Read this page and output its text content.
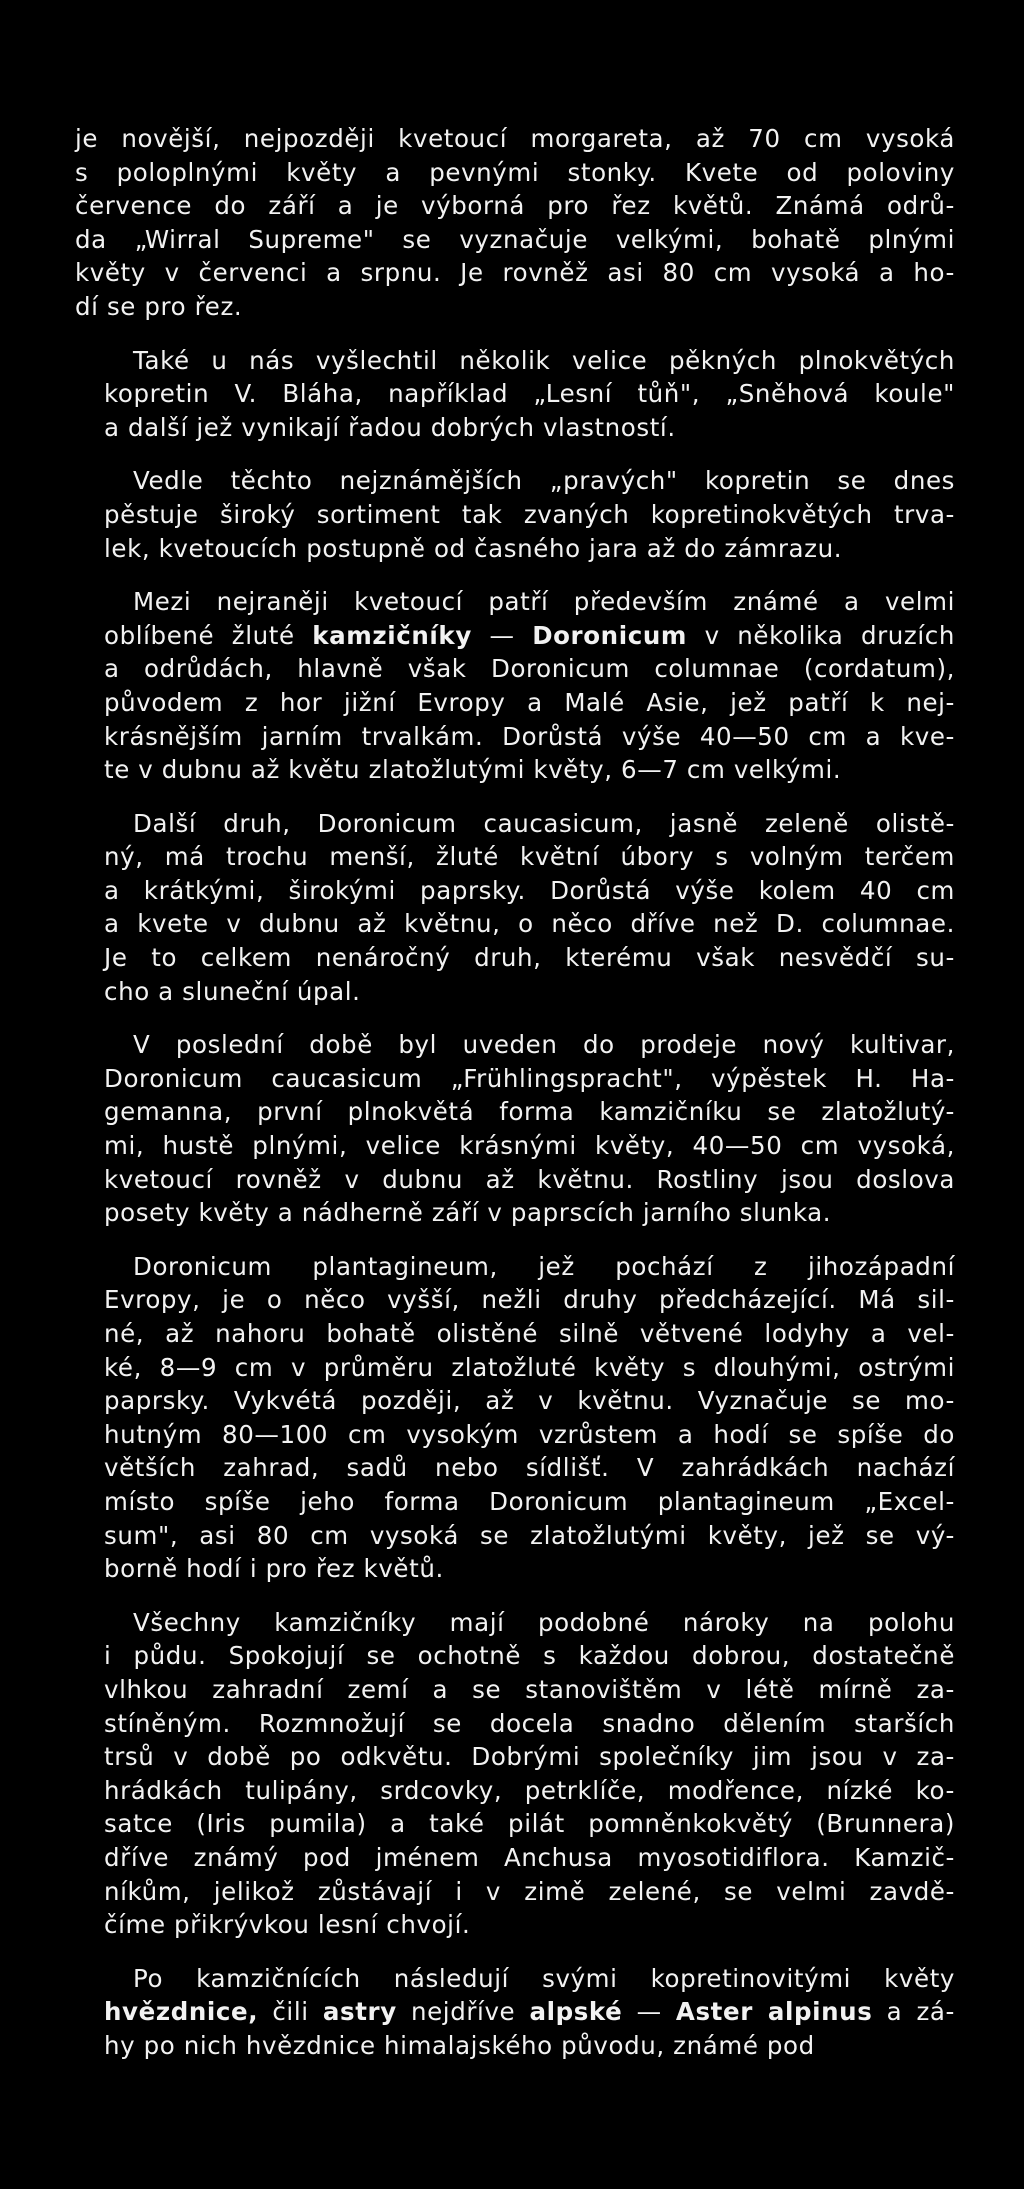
je novější, nejpozději kvetoucí morgareta, až 70 cm vysoká
s poloplnými květy a pevnými stonky. Kvete od poloviny
července do září a je výborná pro řez květů. Známá odrů-
da „Wirral Supreme" se vyznačuje velkými, bohatě plnými
květy v červenci a srpnu. Je rovněž asi 80 cm vysoká a ho-
dí se pro řez.

Také u nás vyšlechtil několik velice pěkných plnokvětých
kopretin V. Bláha, například „Lesní tůň", „Sněhová koule"
a další jež vynikají řadou dobrých vlastností.

Vedle těchto nejznámějších „pravých" kopretin se dnes
pěstuje široký sortiment tak zvaných kopretinokvětých trva-
lek, kvetoucích postupně od časného jara až do zámrazu.

Mezi nejraněji kvetoucí patří především známé a velmi
oblíbené žluté kamzičníky — Doronicum v několika druzích
a odrůdách, hlavně však Doronicum columnae (cordatum),
původem z hor jižní Evropy a Malé Asie, jež patří k nej-
krásnějším jarním trvalkám. Dorůstá výše 40—50 cm a kve-
te v dubnu až květu zlatožlutými květy, 6—7 cm velkými.

Další druh, Doronicum caucasicum, jasně zeleně olistě-
ný, má trochu menší, žluté květní úbory s volným terčem
a krátkými, širokými paprsky. Dorůstá výše kolem 40 cm
a kvete v dubnu až květnu, o něco dříve než D. columnae.
Je to celkem nenáročný druh, kterému však nesvědčí su-
cho a sluneční úpal.

V poslední době byl uveden do prodeje nový kultivar,
Doronicum caucasicum „Frühlingspracht", výpěstek H. Ha-
gemanna, první plnokvětá forma kamzičníku se zlatožlutý-
mi, hustě plnými, velice krásnými květy, 40—50 cm vysoká,
kvetoucí rovněž v dubnu až květnu. Rostliny jsou doslova
posety květy a nádherně září v paprscích jarního slunka.

Doronicum plantagineum, jež pochází z jihozápadní
Evropy, je o něco vyšší, nežli druhy předcházející. Má sil-
né, až nahoru bohatě olistěné silně větvené lodyhy a vel-
ké, 8—9 cm v průměru zlatožluté květy s dlouhými, ostrými
paprsky. Vykvétá později, až v květnu. Vyznačuje se mo-
hutným 80—100 cm vysokým vzrůstem a hodí se spíše do
větších zahrad, sadů nebo sídlišť. V zahrádkách nachází
místo spíše jeho forma Doronicum plantagineum „Excel-
sum", asi 80 cm vysoká se zlatožlutými květy, jež se vý-
borně hodí i pro řez květů.

Všechny kamzičníky mají podobné nároky na polohu
i půdu. Spokojují se ochotně s každou dobrou, dostatečně
vlhkou zahradní zemí a se stanovištěm v létě mírně za-
stíněným. Rozmnožují se docela snadno dělením starších
trsů v době po odkvětu. Dobrými společníky jim jsou v za-
hrádkách tulipány, srdcovky, petrklíče, modřence, nízké ko-
satce (Iris pumila) a také pilát pomněnkokvětý (Brunnera)
dříve známý pod jménem Anchusa myosotidiflora. Kamzič-
níkům, jelikož zůstávají i v zimě zelené, se velmi zavdě-
číme přikrývkou lesní chvojí.

Po kamzičnících následují svými kopretinovitými květy
hvězdnice, čili astry nejdříve alpské — Aster alpinus a zá-
hy po nich hvězdnice himalajského původu, známé pod
